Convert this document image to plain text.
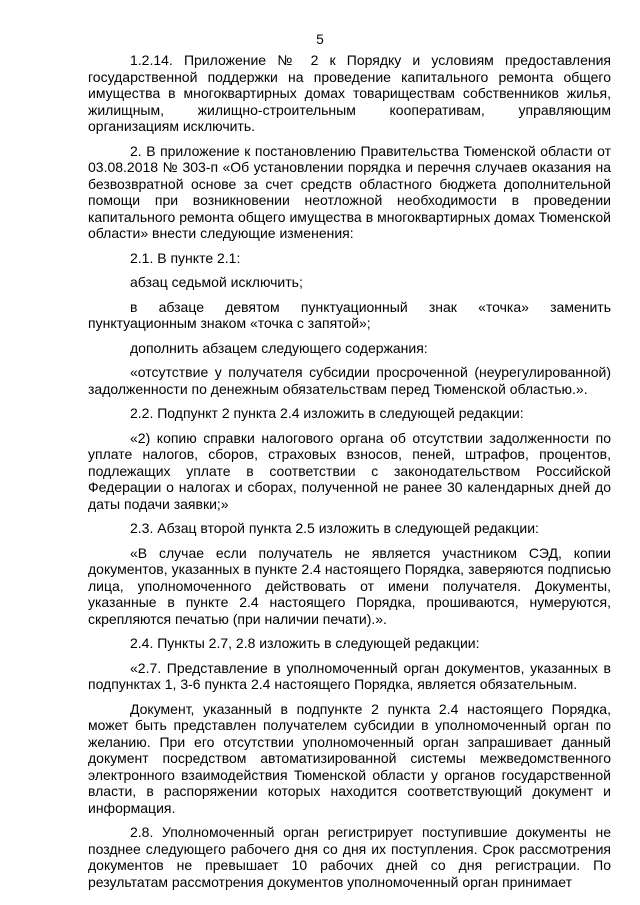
5

1.2.14. Приложение № 2 к Порядку и условиям предоставления государственной поддержки на проведение капитального ремонта общего имущества в многоквартирных домах товариществам собственников жилья, жилищным, жилищно-строительным кооперативам, управляющим организациям исключить.

2. В приложение к постановлению Правительства Тюменской области от 03.08.2018 № 303-п «Об установлении порядка и перечня случаев оказания на безвозвратной основе за счет средств областного бюджета дополнительной помощи при возникновении неотложной необходимости в проведении капитального ремонта общего имущества в многоквартирных домах Тюменской области» внести следующие изменения:

2.1. В пункте 2.1:

абзац седьмой исключить;

в абзаце девятом пунктуационный знак «точка» заменить пунктуационным знаком «точка с запятой»;

дополнить абзацем следующего содержания:

«отсутствие у получателя субсидии просроченной (неурегулированной) задолженности по денежным обязательствам перед Тюменской областью.».

2.2. Подпункт 2 пункта 2.4 изложить в следующей редакции:

«2) копию справки налогового органа об отсутствии задолженности по уплате налогов, сборов, страховых взносов, пеней, штрафов, процентов, подлежащих уплате в соответствии с законодательством Российской Федерации о налогах и сборах, полученной не ранее 30 календарных дней до даты подачи заявки;»

2.3. Абзац второй пункта 2.5 изложить в следующей редакции:

«В случае если получатель не является участником СЭД, копии документов, указанных в пункте 2.4 настоящего Порядка, заверяются подписью лица, уполномоченного действовать от имени получателя. Документы, указанные в пункте 2.4 настоящего Порядка, прошиваются, нумеруются, скрепляются печатью (при наличии печати).».

2.4. Пункты 2.7, 2.8 изложить в следующей редакции:

«2.7. Представление в уполномоченный орган документов, указанных в подпунктах 1, 3-6 пункта 2.4 настоящего Порядка, является обязательным.

Документ, указанный в подпункте 2 пункта 2.4 настоящего Порядка, может быть представлен получателем субсидии в уполномоченный орган по желанию. При его отсутствии уполномоченный орган запрашивает данный документ посредством автоматизированной системы межведомственного электронного взаимодействия Тюменской области у органов государственной власти, в распоряжении которых находится соответствующий документ и информация.

2.8. Уполномоченный орган регистрирует поступившие документы не позднее следующего рабочего дня со дня их поступления. Срок рассмотрения документов не превышает 10 рабочих дней со дня регистрации. По результатам рассмотрения документов уполномоченный орган принимает
